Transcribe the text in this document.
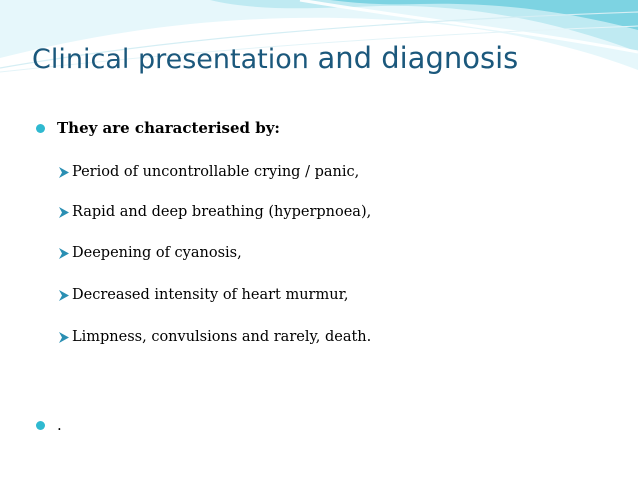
Clinical presentation and diagnosis
They are characterised by:
Period of uncontrollable crying / panic,
Rapid and deep breathing (hyperpnoea),
Deepening of cyanosis,
Decreased intensity of heart murmur,
Limpness, convulsions and rarely, death.
.
